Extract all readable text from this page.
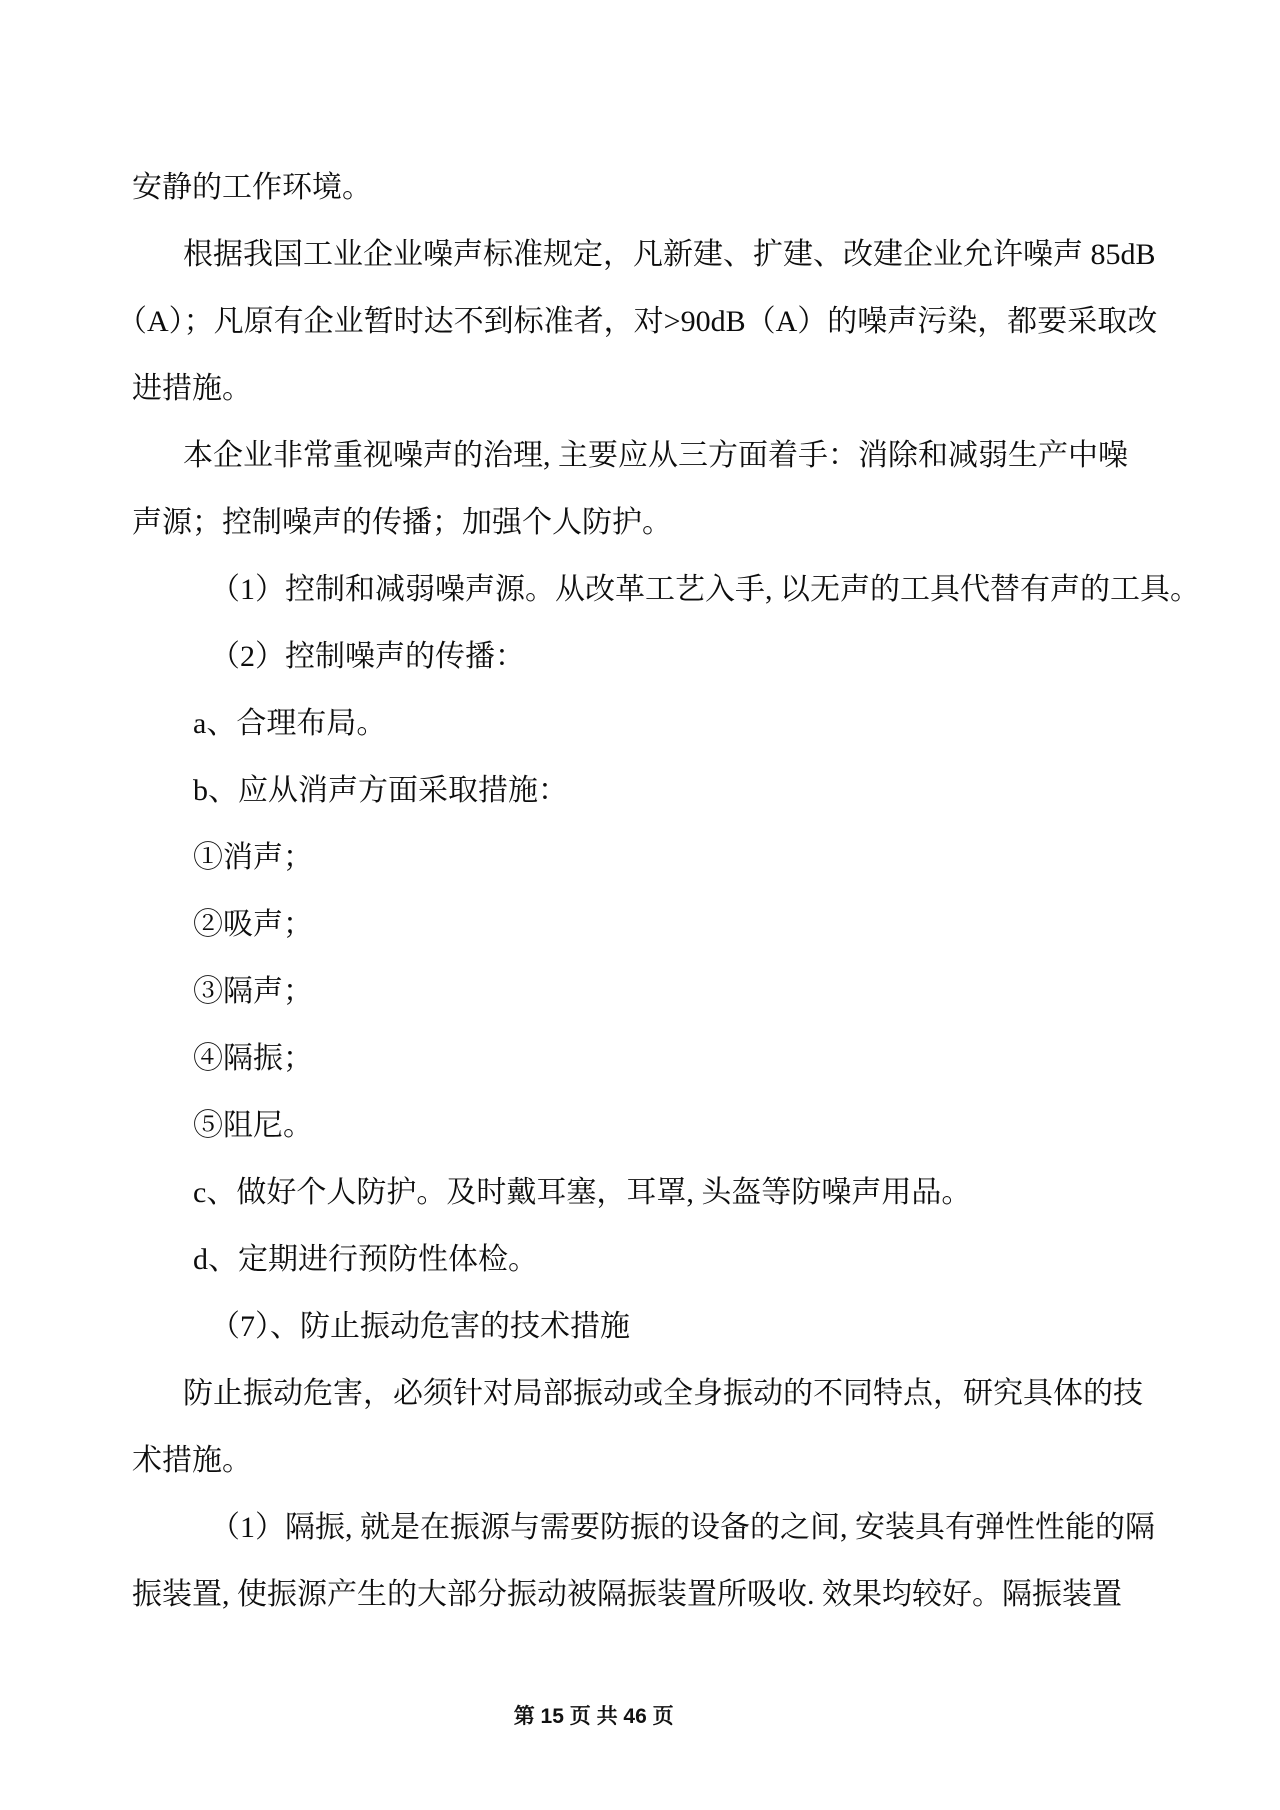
安静的工作环境。
根据我国工业企业噪声标准规定，凡新建、扩建、改建企业允许噪声 85dB
（A）；凡原有企业暂时达不到标准者，对>90dB（A）的噪声污染，都要采取改
进措施。
本企业非常重视噪声的治理, 主要应从三方面着手：消除和减弱生产中噪
声源；控制噪声的传播；加强个人防护。
（1）控制和减弱噪声源。从改革工艺入手, 以无声的工具代替有声的工具。
（2）控制噪声的传播：
a、合理布局。
b、应从消声方面采取措施：
①消声；
②吸声；
③隔声；
④隔振；
⑤阻尼。
c、做好个人防护。及时戴耳塞，耳罩, 头盔等防噪声用品。
d、定期进行预防性体检。
（7）、防止振动危害的技术措施
防止振动危害，必须针对局部振动或全身振动的不同特点，研究具体的技
术措施。
（1）隔振, 就是在振源与需要防振的设备的之间, 安装具有弹性性能的隔
振装置, 使振源产生的大部分振动被隔振装置所吸收. 效果均较好。隔振装置

第 15 页 共 46 页
